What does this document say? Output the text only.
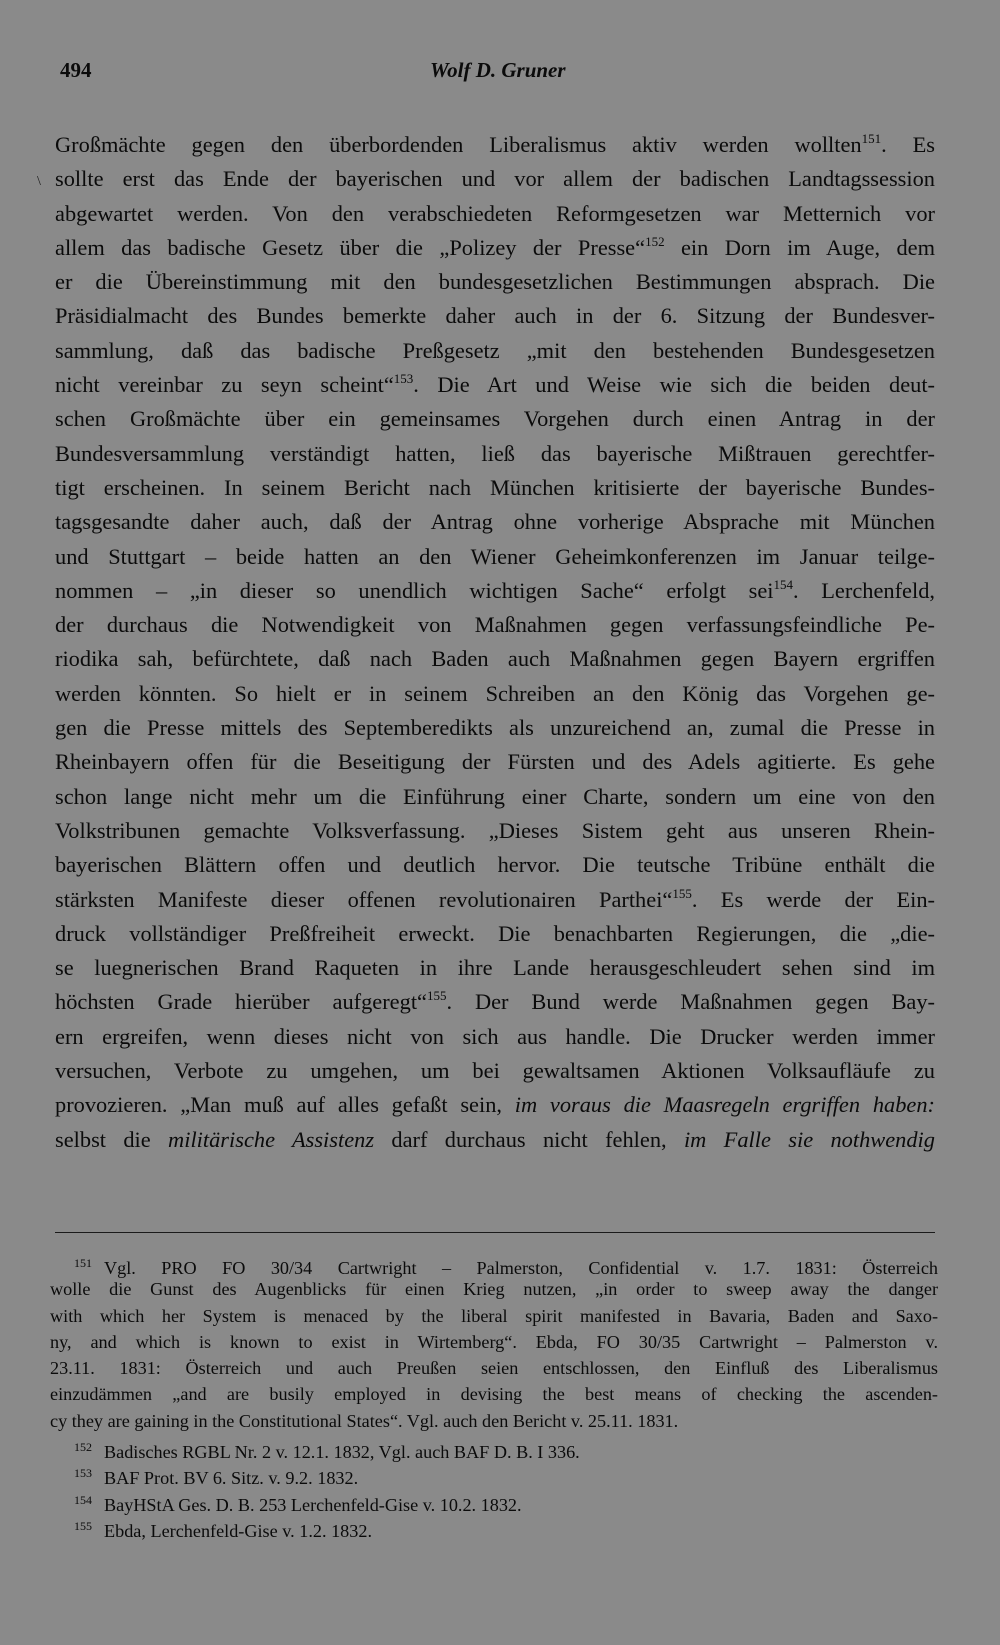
494	Wolf D. Gruner
\
Großmächte gegen den überbordenden Liberalismus aktiv werden wollten$^{151}$. Es
sollte erst das Ende der bayerischen und vor allem der badischen Landtagssession
abgewartet werden. Von den verabschiedeten Reformgesetzen war Metternich vor
allem das badische Gesetz über die „Polizey der Presse“$^{152}$ ein Dorn im Auge, dem
er die Übereinstimmung mit den bundesgesetzlichen Bestimmungen absprach. Die
Präsidialmacht des Bundes bemerkte daher auch in der 6. Sitzung der Bundesver-
sammlung, daß das badische Preßgesetz „mit den bestehenden Bundesgesetzen
nicht vereinbar zu seyn scheint“$^{153}$. Die Art und Weise wie sich die beiden deut-
schen Großmächte über ein gemeinsames Vorgehen durch einen Antrag in der
Bundesversammlung verständigt hatten, ließ das bayerische Mißtrauen gerechtfer-
tigt erscheinen. In seinem Bericht nach München kritisierte der bayerische Bundes-
tagsgesandte daher auch, daß der Antrag ohne vorherige Absprache mit München
und Stuttgart – beide hatten an den Wiener Geheimkonferenzen im Januar teilge-
nommen – „in dieser so unendlich wichtigen Sache“ erfolgt sei$^{154}$. Lerchenfeld,
der durchaus die Notwendigkeit von Maßnahmen gegen verfassungsfeindliche Pe-
riodika sah, befürchtete, daß nach Baden auch Maßnahmen gegen Bayern ergriffen
werden könnten. So hielt er in seinem Schreiben an den König das Vorgehen ge-
gen die Presse mittels des Septemberedikts als unzureichend an, zumal die Presse in
Rheinbayern offen für die Beseitigung der Fürsten und des Adels agitierte. Es gehe
schon lange nicht mehr um die Einführung einer Charte, sondern um eine von den
Volkstribunen gemachte Volksverfassung. „Dieses Sistem geht aus unseren Rhein-
bayerischen Blättern offen und deutlich hervor. Die teutsche Tribüne enthält die
stärksten Manifeste dieser offenen revolutionairen Parthei“$^{155}$. Es werde der Ein-
druck vollständiger Preßfreiheit erweckt. Die benachbarten Regierungen, die „die-
se luegnerischen Brand Raqueten in ihre Lande herausgeschleudert sehen sind im
höchsten Grade hierüber aufgeregt“$^{155}$. Der Bund werde Maßnahmen gegen Bay-
ern ergreifen, wenn dieses nicht von sich aus handle. Die Drucker werden immer
versuchen, Verbote zu umgehen, um bei gewaltsamen Aktionen Volksaufläufe zu
provozieren. „Man muß auf alles gefaßt sein, im voraus die Maasregeln ergriffen haben:
selbst die militärische Assistenz darf durchaus nicht fehlen, im Falle sie nothwendig
$^{151}$ Vgl. PRO FO 30/34 Cartwright – Palmerston, Confidential v. 1.7. 1831: Österreich
wolle die Gunst des Augenblicks für einen Krieg nutzen, „in order to sweep away the danger
with which her System is menaced by the liberal spirit manifested in Bavaria, Baden and Saxo-
ny, and which is known to exist in Wirtemberg“. Ebda, FO 30/35 Cartwright – Palmerston v.
23.11. 1831: Österreich und auch Preußen seien entschlossen, den Einfluß des Liberalismus
einzudämmen „and are busily employed in devising the best means of checking the ascenden-
cy they are gaining in the Constitutional States“. Vgl. auch den Bericht v. 25.11. 1831.
$^{152}$ Badisches RGBL Nr. 2 v. 12.1. 1832, Vgl. auch BAF D. B. I 336.
$^{153}$ BAF Prot. BV 6. Sitz. v. 9.2. 1832.
$^{154}$ BayHStA Ges. D. B. 253 Lerchenfeld-Gise v. 10.2. 1832.
$^{155}$ Ebda, Lerchenfeld-Gise v. 1.2. 1832.
